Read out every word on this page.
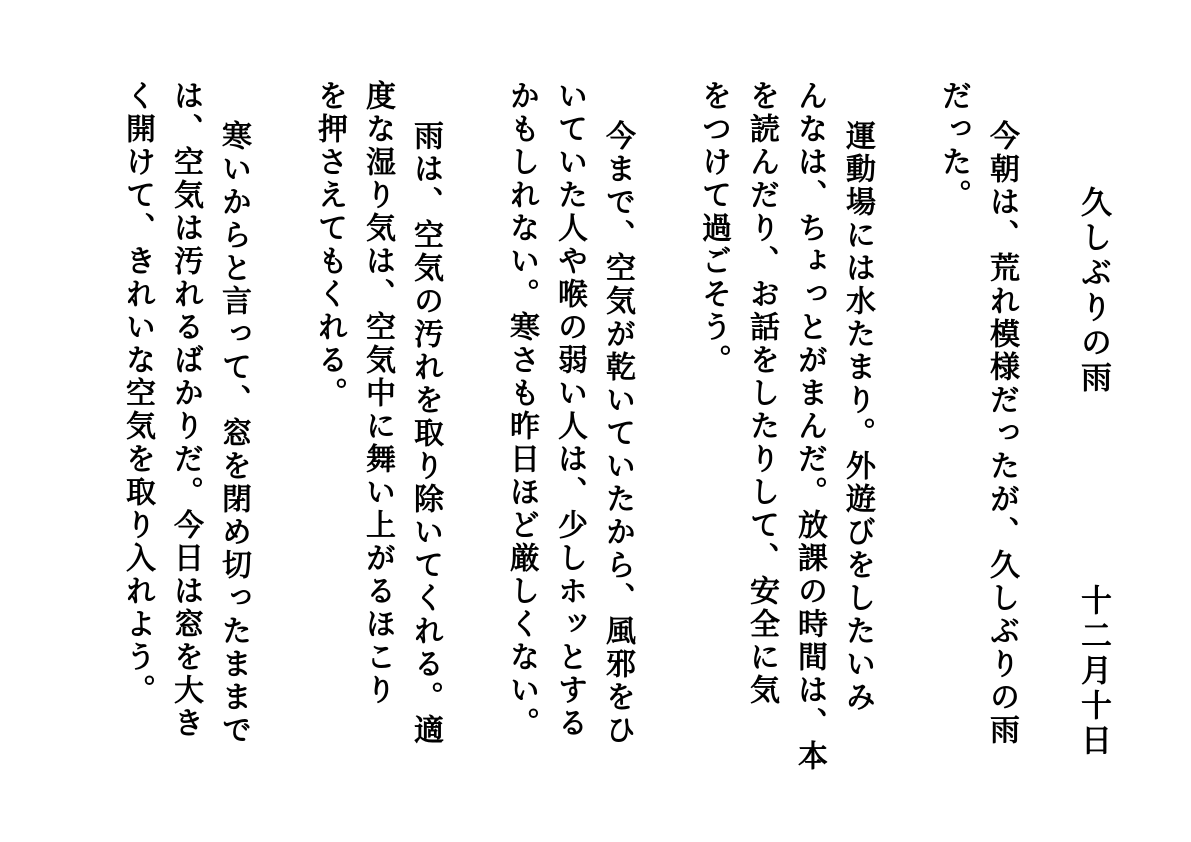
久しぶりの雨
十二月十日
今朝は、荒れ模様だったが、久しぶりの雨
だった。
運動場には水たまり。外遊びをしたいみ
んなは、ちょっとがまんだ。放課の時間は、本
を読んだり、お話をしたりして、安全に気
をつけて過ごそう。
今まで、空気が乾いていたから、風邪をひ
いていた人や喉の弱い人は、少しホッとする
かもしれない。寒さも昨日ほど厳しくない。
雨は、空気の汚れを取り除いてくれる。適
度な湿り気は、空気中に舞い上がるほこり
を押さえてもくれる。
寒いからと言って、窓を閉め切ったままで
は、空気は汚れるばかりだ。今日は窓を大き
く開けて、きれいな空気を取り入れよう。
